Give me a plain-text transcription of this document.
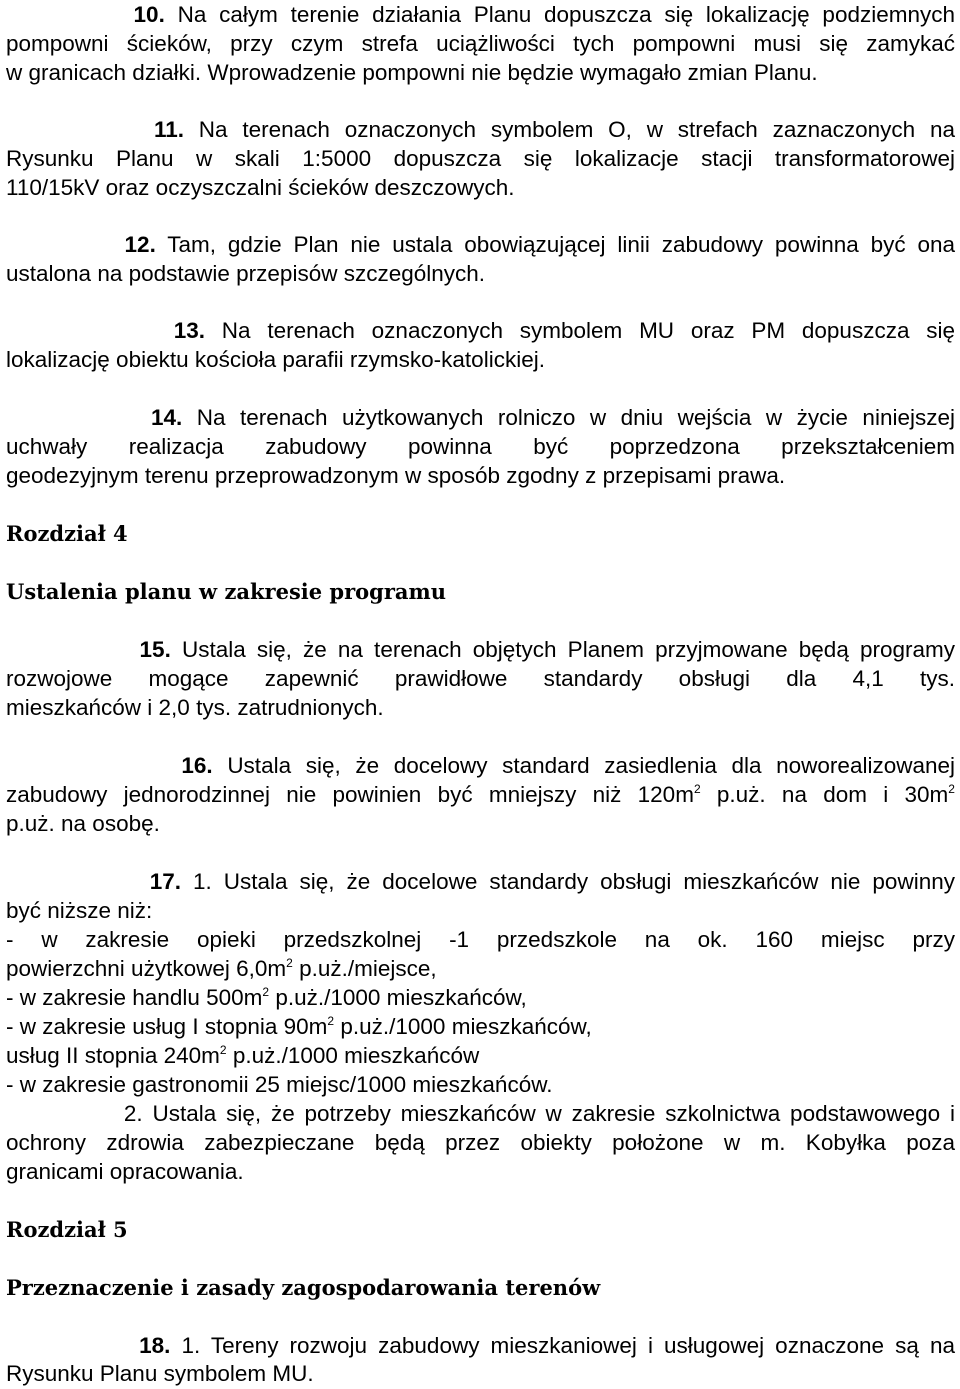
10. Na całym terenie działania Planu dopuszcza się lokalizację podziemnych
pompowni ścieków, przy czym strefa uciążliwości tych pompowni musi się zamykać
w granicach działki. Wprowadzenie pompowni nie będzie wymagało zmian Planu.
11. Na terenach oznaczonych symbolem O, w strefach zaznaczonych na
Rysunku Planu w skali 1:5000 dopuszcza się lokalizacje stacji transformatorowej
110/15kV oraz oczyszczalni ścieków deszczowych.
12. Tam, gdzie Plan nie ustala obowiązującej linii zabudowy powinna być ona
ustalona na podstawie przepisów szczególnych.
13. Na terenach oznaczonych symbolem MU oraz PM dopuszcza się
lokalizację obiektu kościoła parafii rzymsko-katolickiej.
14. Na terenach użytkowanych rolniczo w dniu wejścia w życie niniejszej
uchwały realizacja zabudowy powinna być poprzedzona przekształceniem
geodezyjnym terenu przeprowadzonym w sposób zgodny z przepisami prawa.
Rozdział 4
Ustalenia planu w zakresie programu
15. Ustala się, że na terenach objętych Planem przyjmowane będą programy
rozwojowe mogące zapewnić prawidłowe standardy obsługi dla 4,1 tys.
mieszkańców i 2,0 tys. zatrudnionych.
16. Ustala się, że docelowy standard zasiedlenia dla noworealizowanej
zabudowy jednorodzinnej nie powinien być mniejszy niż $120m^2$ p.uż. na dom i $30m^2$
p.uż. na osobę.
17. 1. Ustala się, że docelowe standardy obsługi mieszkańców nie powinny
być niższe niż:
- w zakresie opieki przedszkolnej -1 przedszkole na ok. 160 miejsc przy
powierzchni użytkowej $6,0m^2$ p.uż./miejsce,
- w zakresie handlu $500m^2$ p.uż./1000 mieszkańców,
- w zakresie usług I stopnia $90m^2$ p.uż./1000 mieszkańców,
usług II stopnia $240m^2$ p.uż./1000 mieszkańców
- w zakresie gastronomii 25 miejsc/1000 mieszkańców.
2. Ustala się, że potrzeby mieszkańców w zakresie szkolnictwa podstawowego i
ochrony zdrowia zabezpieczane będą przez obiekty położone w m. Kobyłka poza
granicami opracowania.
Rozdział 5
Przeznaczenie i zasady zagospodarowania terenów
18. 1. Tereny rozwoju zabudowy mieszkaniowej i usługowej oznaczone są na
Rysunku Planu symbolem MU.
